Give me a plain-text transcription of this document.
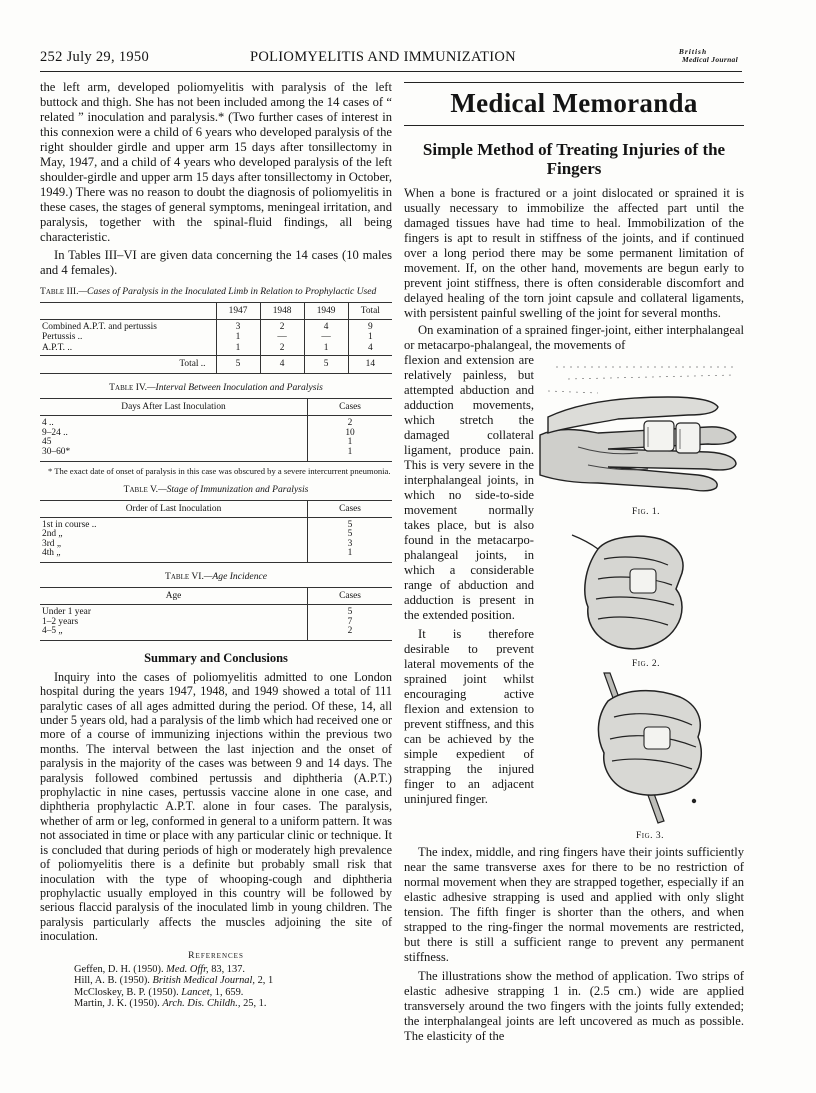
252 July 29, 1950	POLIOMYELITIS AND IMMUNIZATION	British
Medical Journal

the left arm, developed poliomyelitis with paralysis of the left buttock and thigh. She has not been included among the 14 cases of “ related ” inoculation and paralysis.* (Two further cases of interest in this connexion were a child of 6 years who developed paralysis of the right shoulder girdle and upper arm 15 days after tonsillectomy in May, 1947, and a child of 4 years who developed paralysis of the left shoulder-girdle and upper arm 15 days after tonsillectomy in October, 1949.) There was no reason to doubt the diagnosis of poliomyelitis in these cases, the stages of general symptoms, meningeal irritation, and paralysis, together with the spinal-fluid findings, all being characteristic.

In Tables III–VI are given data concerning the 14 cases (10 males and 4 females).

Table III.—Cases of Paralysis in the Inoculated Limb in Relation to Prophylactic Used
	1947	1948	1949	Total
Combined A.P.T. and pertussis	3	2	4	9
Pertussis ..	1	—	—	1
A.P.T. ..	1	2	1	4
Total ..	5	4	5	14
Table IV.—Interval Between Inoculation and Paralysis
Days After Last Inoculation	Cases
4 ..	2
9–24 ..	10
45	1
30–60*	1
* The exact date of onset of paralysis in this case was obscured by a severe intercurrent pneumonia.
Table V.—Stage of Immunization and Paralysis
Order of Last Inoculation	Cases
1st in course ..	5
2nd „	5
3rd „	3
4th „	1
Table VI.—Age Incidence
Age	Cases
Under 1 year	5
1–2 years	7
4–5 „	2
Summary and Conclusions

Inquiry into the cases of poliomyelitis admitted to one London hospital during the years 1947, 1948, and 1949 showed a total of 111 paralytic cases of all ages admitted during the period. Of these, 14, all under 5 years old, had a paralysis of the limb which had received one or more of a course of immunizing injections within the previous two months. The interval between the last injection and the onset of paralysis in the majority of the cases was between 9 and 14 days. The paralysis followed combined pertussis and diphtheria (A.P.T.) prophylactic in nine cases, pertussis vaccine alone in one case, and diphtheria prophylactic A.P.T. alone in four cases. The paralysis, whether of arm or leg, conformed in general to a uniform pattern. It was not associated in time or place with any particular clinic or technique. It is concluded that during periods of high or moderately high prevalence of poliomyelitis there is a definite but probably small risk that inoculation with the type of whooping-cough and diphtheria prophylactic usually employed in this country will be followed by serious flaccid paralysis of the inoculated limb in young children. The paralysis particularly affects the muscles adjoining the site of inoculation.

References
Geffen, D. H. (1950). Med. Offr, 83, 137.
Hill, A. B. (1950). British Medical Journal, 2, 1
McCloskey, B. P. (1950). Lancet, 1, 659.
Martin, J. K. (1950). Arch. Dis. Childh., 25, 1.
Medical Memoranda
Simple Method of Treating Injuries of the Fingers

When a bone is fractured or a joint dislocated or sprained it is usually necessary to immobilize the affected part until the damaged tissues have had time to heal. Immobilization of the fingers is apt to result in stiffness of the joints, and if continued over a long period there may be some permanent limitation of movement. If, on the other hand, movements are begun early to prevent joint stiffness, there is often considerable discomfort and delayed healing of the torn joint capsule and collateral ligaments, with persistent painful swelling of the joint for several months.

On examination of a sprained finger-joint, either interphalangeal or metacarpo-phalangeal, the movements of

flexion and extension are relatively painless, but attempted abduction and adduction movements, which stretch the damaged collateral ligament, produce pain. This is very severe in the interphalangeal joints, in which no side-to-side movement normally takes place, but is also found in the metacarpo-phalangeal joints, in which a considerable range of abduction and adduction is present in the extended position.

It is therefore desirable to prevent lateral movements of the sprained joint whilst encouraging active flexion and extension to prevent stiffness, and this can be achieved by the simple expedient of strapping the injured finger to an adjacent uninjured finger.

Fig. 1.
Fig. 2.
Fig. 3.

The index, middle, and ring fingers have their joints sufficiently near the same transverse axes for there to be no restriction of normal movement when they are strapped together, especially if an elastic adhesive strapping is used and applied with only slight tension. The fifth finger is shorter than the others, and when strapped to the ring-finger the normal movements are restricted, but there is still a sufficient range to prevent any permanent stiffness.

The illustrations show the method of application. Two strips of elastic adhesive strapping 1 in. (2.5 cm.) wide are applied transversely around the two fingers with the joints fully extended; the interphalangeal joints are left uncovered as much as possible. The elasticity of the
